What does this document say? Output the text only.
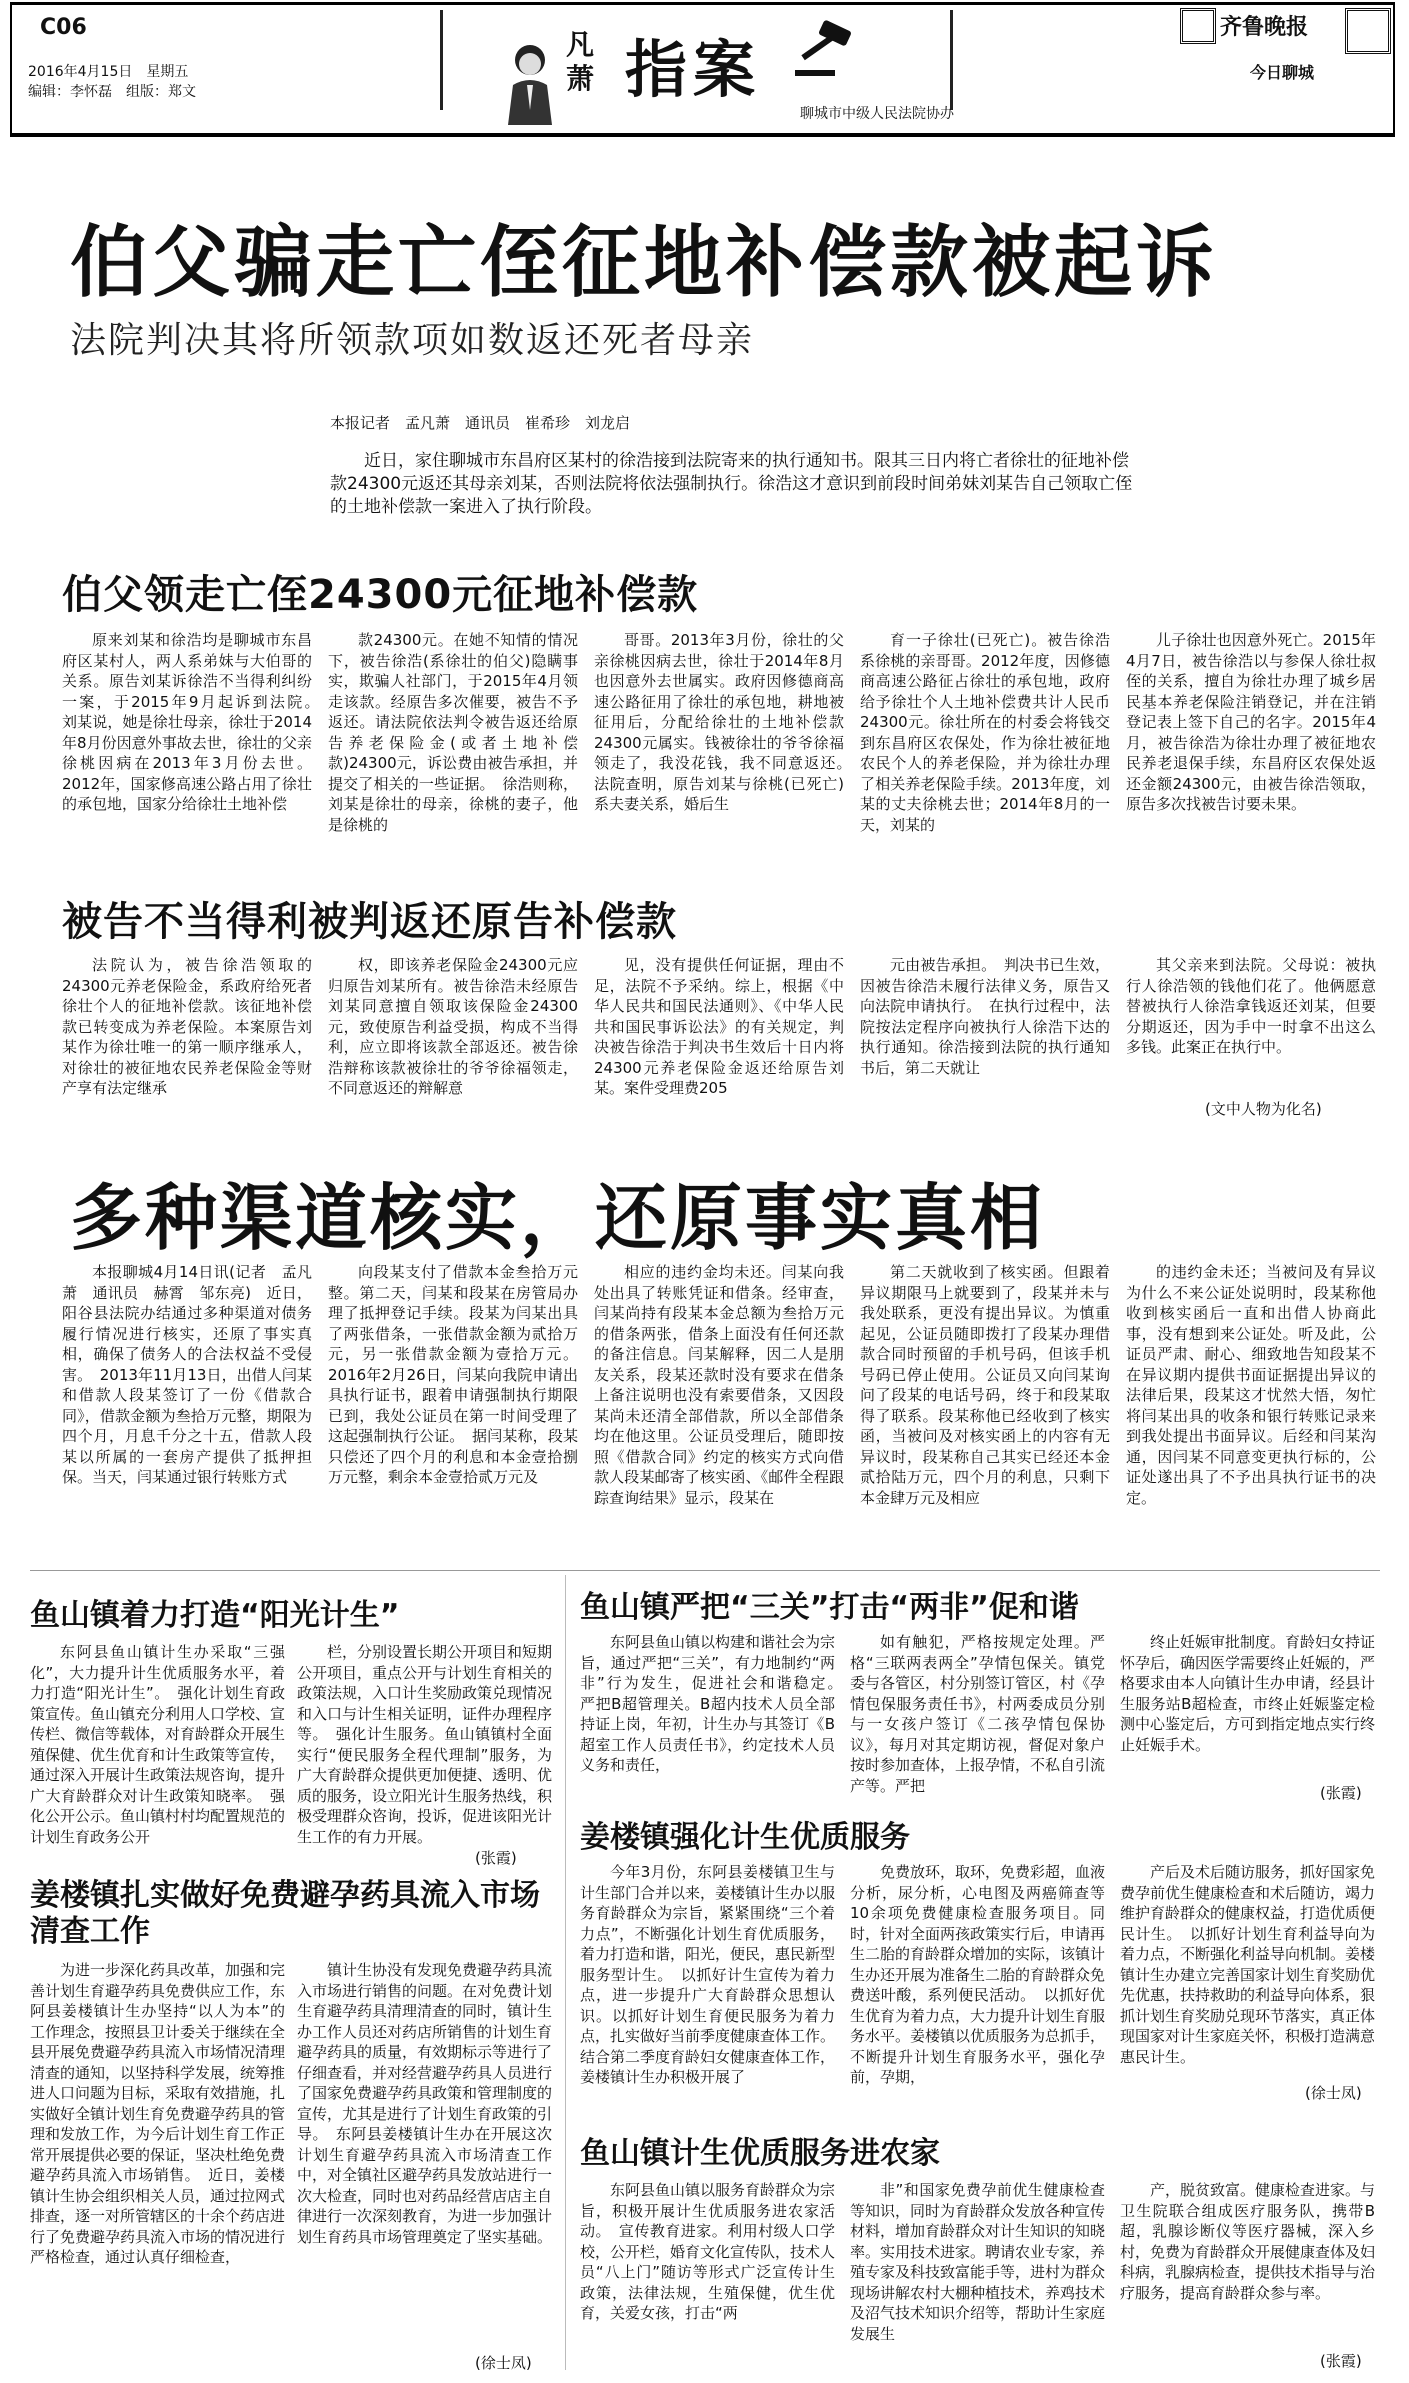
C06
2016年4月15日　星期五
编辑：李怀磊　组版：郑文
凡萧 指案
聊城市中级人民法院协办
齐鲁晚报
今日聊城
伯父骗走亡侄征地补偿款被起诉
法院判决其将所领款项如数返还死者母亲
本报记者　孟凡萧　通讯员　崔希珍　刘龙启
近日，家住聊城市东昌府区某村的徐浩接到法院寄来的执行通知书。限其三日内将亡者徐壮的征地补偿款24300元返还其母亲刘某，否则法院将依法强制执行。徐浩这才意识到前段时间弟妹刘某告自己领取亡侄的土地补偿款一案进入了执行阶段。
伯父领走亡侄24300元征地补偿款
原来刘某和徐浩均是聊城市东昌府区某村人，两人系弟妹与大伯哥的关系。原告刘某诉徐浩不当得利纠纷一案，于2015年9月起诉到法院。　刘某说，她是徐壮母亲，徐壮于2014年8月份因意外事故去世，徐壮的父亲徐桃因病在2013年3月份去世。2012年，国家修高速公路占用了徐壮的承包地，国家分给徐壮土地补偿
款24300元。在她不知情的情况下，被告徐浩(系徐壮的伯父)隐瞒事实，欺骗人社部门，于2015年4月领走该款。经原告多次催要，被告不予返还。请法院依法判令被告返还给原告养老保险金(或者土地补偿款)24300元，诉讼费由被告承担，并提交了相关的一些证据。　徐浩则称，刘某是徐壮的母亲，徐桃的妻子，他是徐桃的
哥哥。2013年3月份，徐壮的父亲徐桃因病去世，徐壮于2014年8月也因意外去世属实。政府因修德商高速公路征用了徐壮的承包地，耕地被征用后，分配给徐壮的土地补偿款24300元属实。钱被徐壮的爷爷徐福领走了，我没花钱，我不同意返还。　法院查明，原告刘某与徐桃(已死亡)系夫妻关系，婚后生
育一子徐壮(已死亡)。被告徐浩系徐桃的亲哥哥。2012年度，因修德商高速公路征占徐壮的承包地，政府给予徐壮个人土地补偿费共计人民币24300元。徐壮所在的村委会将钱交到东昌府区农保处，作为徐壮被征地农民个人的养老保险，并为徐壮办理了相关养老保险手续。2013年度，刘某的丈夫徐桃去世；2014年8月的一天，刘某的
儿子徐壮也因意外死亡。2015年4月7日，被告徐浩以与参保人徐壮叔侄的关系，擅自为徐壮办理了城乡居民基本养老保险注销登记，并在注销登记表上签下自己的名字。2015年4月，被告徐浩为徐壮办理了被征地农民养老退保手续，东昌府区农保处返还金额24300元，由被告徐浩领取，原告多次找被告讨要未果。
被告不当得利被判返还原告补偿款
法院认为，被告徐浩领取的24300元养老保险金，系政府给死者徐壮个人的征地补偿款。该征地补偿款已转变成为养老保险。本案原告刘某作为徐壮唯一的第一顺序继承人，对徐壮的被征地农民养老保险金等财产享有法定继承
权，即该养老保险金24300元应归原告刘某所有。被告徐浩未经原告刘某同意擅自领取该保险金24300元，致使原告利益受损，构成不当得利，应立即将该款全部返还。被告徐浩辩称该款被徐壮的爷爷徐福领走，不同意返还的辩解意
见，没有提供任何证据，理由不足，法院不予采纳。综上，根据《中华人民共和国民法通则》、《中华人民共和国民事诉讼法》的有关规定，判决被告徐浩于判决书生效后十日内将24300元养老保险金返还给原告刘某。案件受理费205
元由被告承担。　判决书已生效，因被告徐浩未履行法律义务，原告又向法院申请执行。　在执行过程中，法院按法定程序向被执行人徐浩下达的执行通知。徐浩接到法院的执行通知书后，第二天就让
其父亲来到法院。父母说：被执行人徐浩领的钱他们花了。他俩愿意替被执行人徐浩拿钱返还刘某，但要分期返还，因为手中一时拿不出这么多钱。此案正在执行中。
(文中人物为化名)
多种渠道核实，还原事实真相
本报聊城4月14日讯(记者　孟凡萧　通讯员　赫霄　邹东亮)　近日，阳谷县法院办结通过多种渠道对债务履行情况进行核实，还原了事实真相，确保了债务人的合法权益不受侵害。　2013年11月13日，出借人闫某和借款人段某签订了一份《借款合同》，借款金额为叁拾万元整，期限为四个月，月息千分之十五，借款人段某以所属的一套房产提供了抵押担保。当天，闫某通过银行转账方式
向段某支付了借款本金叁拾万元整。第二天，闫某和段某在房管局办理了抵押登记手续。段某为闫某出具了两张借条，一张借款金额为贰拾万元，另一张借款金额为壹拾万元。2016年2月26日，闫某向我院申请出具执行证书，跟着申请强制执行期限已到，我处公证员在第一时间受理了这起强制执行公证。　据闫某称，段某只偿还了四个月的利息和本金壹拾捌万元整，剩余本金壹拾贰万元及
相应的违约金均未还。闫某向我处出具了转账凭证和借条。经审查，闫某尚持有段某本金总额为叁拾万元的借条两张，借条上面没有任何还款的备注信息。闫某解释，因二人是朋友关系，段某还款时没有要求在借条上备注说明也没有索要借条，又因段某尚未还清全部借款，所以全部借条均在他这里。公证员受理后，随即按照《借款合同》约定的核实方式向借款人段某邮寄了核实函、《邮件全程跟踪查询结果》显示，段某在
第二天就收到了核实函。但跟着异议期限马上就要到了，段某并未与我处联系，更没有提出异议。为慎重起见，公证员随即拨打了段某办理借款合同时预留的手机号码，但该手机号码已停止使用。公证员又向闫某询问了段某的电话号码，终于和段某取得了联系。段某称他已经收到了核实函，当被问及对核实函上的内容有无异议时，段某称自己其实已经还本金贰拾陆万元，四个月的利息，只剩下本金肆万元及相应
的违约金未还；当被问及有异议为什么不来公证处说明时，段某称他收到核实函后一直和出借人协商此事，没有想到来公证处。听及此，公证员严肃、耐心、细致地告知段某不在异议期内提供书面证据提出异议的法律后果，段某这才忧然大悟，匆忙将闫某出具的收条和银行转账记录来到我处提出书面异议。后经和闫某沟通，因闫某不同意变更执行标的，公证处遂出具了不予出具执行证书的决定。
鱼山镇着力打造“阳光计生”
东阿县鱼山镇计生办采取“三强化”，大力提升计生优质服务水平，着力打造“阳光计生”。　强化计划生育政策宣传。鱼山镇充分利用人口学校、宣传栏、微信等载体，对育龄群众开展生殖保健、优生优育和计生政策等宣传，通过深入开展计生政策法规咨询，提升广大育龄群众对计生政策知晓率。　强化公开公示。鱼山镇村村均配置规范的计划生育政务公开
栏，分别设置长期公开项目和短期公开项目，重点公开与计划生育相关的政策法规，入口计生奖励政策兑现情况和入口与计生相关证明，证件办理程序等。　强化计生服务。鱼山镇镇村全面实行“便民服务全程代理制”服务，为广大育龄群众提供更加便捷、透明、优质的服务，设立阳光计生服务热线，积极受理群众咨询，投诉，促进该阳光计生工作的有力开展。
(张霞)
姜楼镇扎实做好免费避孕药具流入市场清查工作
为进一步深化药具改革，加强和完善计划生育避孕药具免费供应工作，东阿县姜楼镇计生办坚持“以人为本”的工作理念，按照县卫计委关于继续在全县开展免费避孕药具流入市场情况清理清查的通知，以坚持科学发展，统筹推进人口问题为目标，采取有效措施，扎实做好全镇计划生育免费避孕药具的管理和发放工作，为今后计划生育工作正常开展提供必要的保证，坚决杜绝免费避孕药具流入市场销售。　近日，姜楼镇计生协会组织相关人员，通过拉网式排查，逐一对所管辖区的十余个药店进行了免费避孕药具流入市场的情况进行严格检查，通过认真仔细检查，
镇计生协没有发现免费避孕药具流入市场进行销售的问题。在对免费计划生育避孕药具清理清查的同时，镇计生办工作人员还对药店所销售的计划生育避孕药具的质量，有效期标示等进行了仔细查看，并对经营避孕药具人员进行了国家免费避孕药具政策和管理制度的宣传，尤其是进行了计划生育政策的引导。　东阿县姜楼镇计生办在开展这次计划生育避孕药具流入市场清查工作中，对全镇社区避孕药具发放站进行一次大检查，同时也对药品经营店店主自律进行一次深刻教育，为进一步加强计划生育药具市场管理奠定了坚实基础。
(徐士凤)
鱼山镇严把“三关”打击“两非”促和谐
东阿县鱼山镇以构建和谐社会为宗旨，通过严把“三关”，有力地制约“两非”行为发生，促进社会和谐稳定。　严把B超管理关。B超内技术人员全部持证上岗，年初，计生办与其签订《B超室工作人员责任书》，约定技术人员义务和责任，
如有触犯，严格按规定处理。严格“三联两表两全”孕情包保关。镇党委与各管区，村分别签订管区，村《孕情包保服务责任书》，村两委成员分别与一女孩户签订《二孩孕情包保协议》，每月对其定期访视，督促对象户按时参加查体，上报孕情，不私自引流产等。严把
终止妊娠审批制度。育龄妇女持证怀孕后，确因医学需要终止妊娠的，严格要求由本人向镇计生办申请，经县计生服务站B超检查，市终止妊娠鉴定检测中心鉴定后，方可到指定地点实行终止妊娠手术。
(张霞)
姜楼镇强化计生优质服务
今年3月份，东阿县姜楼镇卫生与计生部门合并以来，姜楼镇计生办以服务育龄群众为宗旨，紧紧围绕“三个着力点”，不断强化计划生育优质服务，着力打造和谐，阳光，便民，惠民新型服务型计生。　以抓好计生宣传为着力点，进一步提升广大育龄群众思想认识。以抓好计划生育便民服务为着力点，扎实做好当前季度健康查体工作。结合第二季度育龄妇女健康查体工作，姜楼镇计生办积极开展了
免费放环，取环，免费彩超，血液分析，尿分析，心电图及两癌筛查等10余项免费健康检查服务项目。同时，针对全面两孩政策实行后，申请再生二胎的育龄群众增加的实际，该镇计生办还开展为准备生二胎的育龄群众免费送叶酸，系列便民活动。　以抓好优生优育为着力点，大力提升计划生育服务水平。姜楼镇以优质服务为总抓手，不断提升计划生育服务水平，强化孕前，孕期，
产后及术后随访服务，抓好国家免费孕前优生健康检查和术后随访，竭力维护育龄群众的健康权益，打造优质便民计生。　以抓好计划生育利益导向为着力点，不断强化利益导向机制。姜楼镇计生办建立完善国家计划生育奖励优先优惠，扶持救助的利益导向体系，狠抓计划生育奖励兑现环节落实，真正体现国家对计生家庭关怀，积极打造满意惠民计生。
(徐士凤)
鱼山镇计生优质服务进农家
东阿县鱼山镇以服务育龄群众为宗旨，积极开展计生优质服务进农家活动。　宣传教育进家。利用村级人口学校，公开栏，婚育文化宣传队，技术人员“八上门”随访等形式广泛宣传计生政策，法律法规，生殖保健，优生优育，关爱女孩，打击“两
非”和国家免费孕前优生健康检查等知识，同时为育龄群众发放各种宣传材料，增加育龄群众对计生知识的知晓率。实用技术进家。聘请农业专家，养殖专家及科技致富能手等，进村为群众现场讲解农村大棚种植技术，养鸡技术及沼气技术知识介绍等，帮助计生家庭发展生
产，脱贫致富。健康检查进家。与卫生院联合组成医疗服务队，携带B超，乳腺诊断仪等医疗器械，深入乡村，免费为育龄群众开展健康查体及妇科病，乳腺病检查，提供技术指导与治疗服务，提高育龄群众参与率。
(张霞)
